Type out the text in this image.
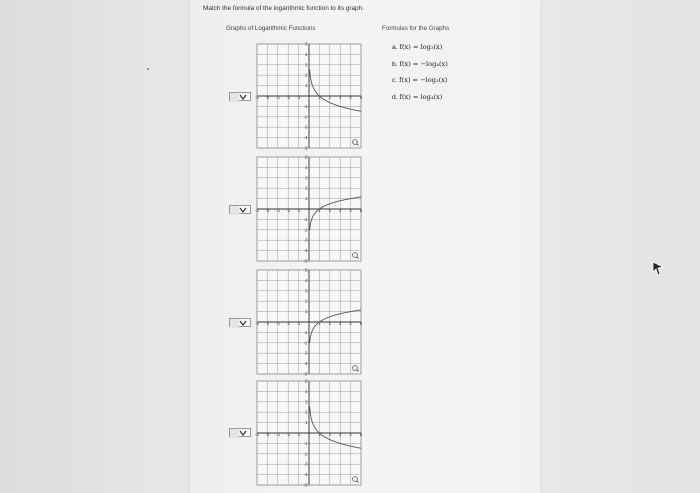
Match the formula of the logarithmic function to its graph.
Graphs of Logarithmic Functions	Formulas for the Graphs
a. f(x) = log₃(x)
b. f(x) = −log₄(x)
c. f(x) = −log₃(x)
d. f(x) = log₄(x)
-5 -4 -3 -2 -1	1 2 3 4 5
5
4
3
2
1
-1
-2
-3
-4
-5
-5 -4 -3 -2 -1	1 2 3 4 5
5
4
3
2
1
-1
-2
-3
-4
-5
-5 -4 -3 -2 -1	1 2 3 4 5
5
4
3
2
1
-1
-2
-3
-4
-5
-5 -4 -3 -2 -1	1 2 3 4 5
5
4
3
2
1
-1
-2
-3
-4
-5
